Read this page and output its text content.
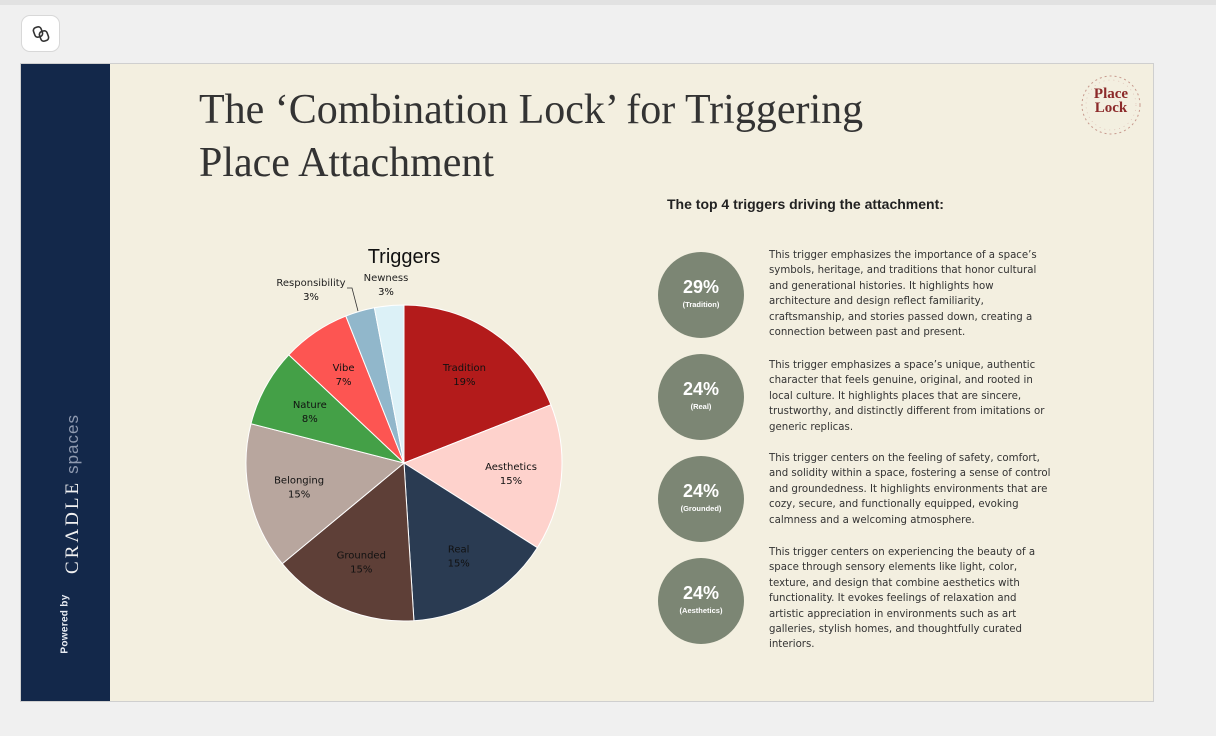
CRΛDLE
spaces
Powered by
The ‘Combination Lock’ for Triggering Place Attachment
Place
Lock
Triggers
Tradition
19%
Aesthetics
15%
Real
15%
Grounded
15%
Belonging
15%
Nature
8%
Vibe
7%
Responsibility
3%
Newness
3%
The top 4 triggers driving the attachment:
29%
(Tradition)
This trigger emphasizes the importance of a space’s symbols, heritage, and traditions that honor cultural and generational histories. It highlights how architecture and design reflect familiarity, craftsmanship, and stories passed down, creating a connection between past and present.
24%
(Real)
This trigger emphasizes a space’s unique, authentic character that feels genuine, original, and rooted in local culture. It highlights places that are sincere, trustworthy, and distinctly different from imitations or generic replicas.
24%
(Grounded)
This trigger centers on the feeling of safety, comfort, and solidity within a space, fostering a sense of control and groundedness. It highlights environments that are cozy, secure, and functionally equipped, evoking calmness and a welcoming atmosphere.
24%
(Aesthetics)
This trigger centers on experiencing the beauty of a space through sensory elements like light, color, texture, and design that combine aesthetics with functionality. It evokes feelings of relaxation and artistic appreciation in environments such as art galleries, stylish homes, and thoughtfully curated interiors.
